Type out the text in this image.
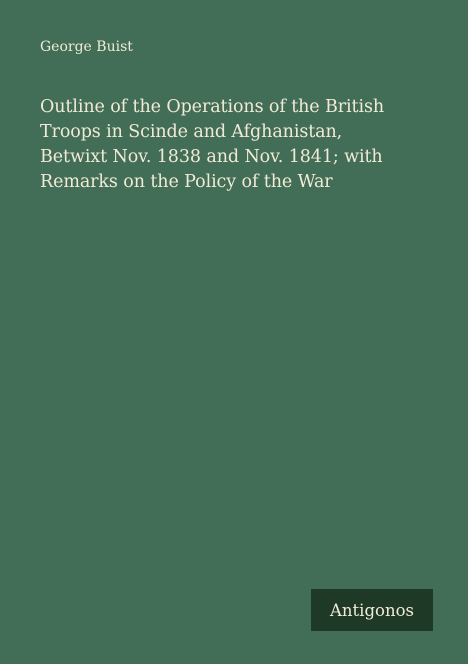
George Buist

Outline of the Operations of the British
Troops in Scinde and Afghanistan,
Betwixt Nov. 1838 and Nov. 1841; with
Remarks on the Policy of the War
Antigonos
